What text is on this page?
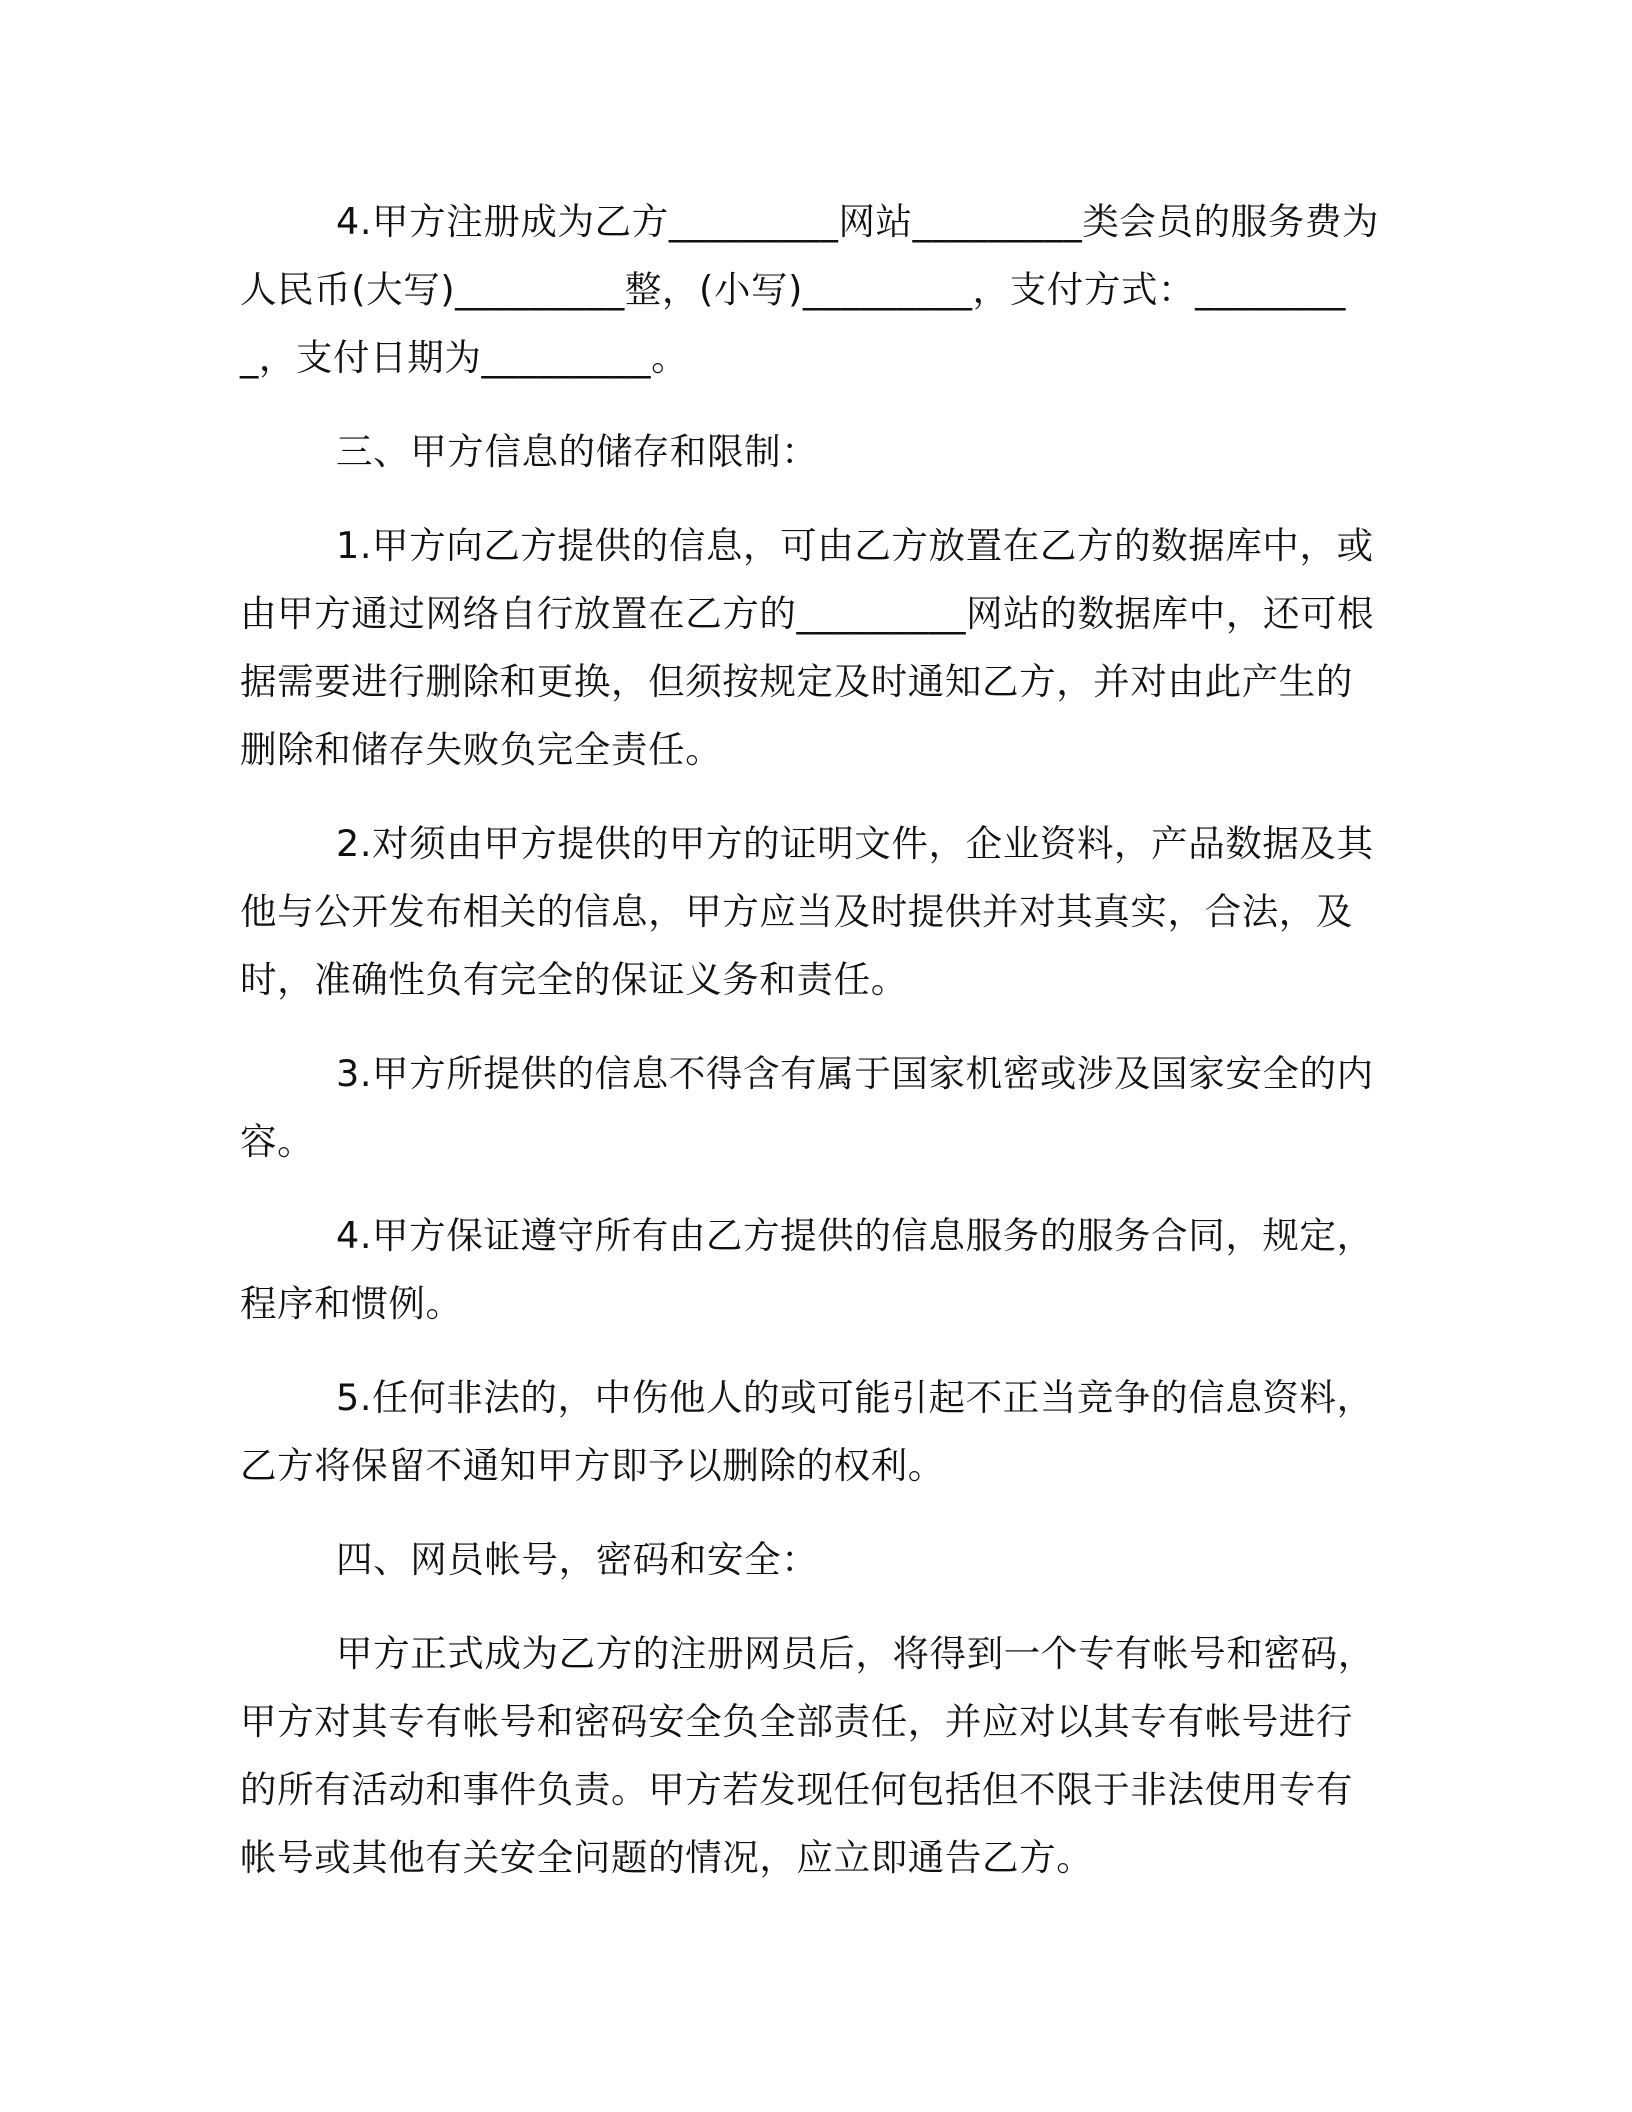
4.甲方注册成为乙方_________网站_________类会员的服务费为人民币(大写)_________整，(小写)_________，支付方式：_________，支付日期为_________。

三、甲方信息的储存和限制：

1.甲方向乙方提供的信息，可由乙方放置在乙方的数据库中，或由甲方通过网络自行放置在乙方的_________网站的数据库中，还可根据需要进行删除和更换，但须按规定及时通知乙方，并对由此产生的删除和储存失败负完全责任。

2.对须由甲方提供的甲方的证明文件，企业资料，产品数据及其他与公开发布相关的信息，甲方应当及时提供并对其真实，合法，及时，准确性负有完全的保证义务和责任。

3.甲方所提供的信息不得含有属于国家机密或涉及国家安全的内容。

4.甲方保证遵守所有由乙方提供的信息服务的服务合同，规定，程序和惯例。

5.任何非法的，中伤他人的或可能引起不正当竞争的信息资料，乙方将保留不通知甲方即予以删除的权利。

四、网员帐号，密码和安全：

甲方正式成为乙方的注册网员后，将得到一个专有帐号和密码，甲方对其专有帐号和密码安全负全部责任，并应对以其专有帐号进行的所有活动和事件负责。甲方若发现任何包括但不限于非法使用专有帐号或其他有关安全问题的情况，应立即通告乙方。
